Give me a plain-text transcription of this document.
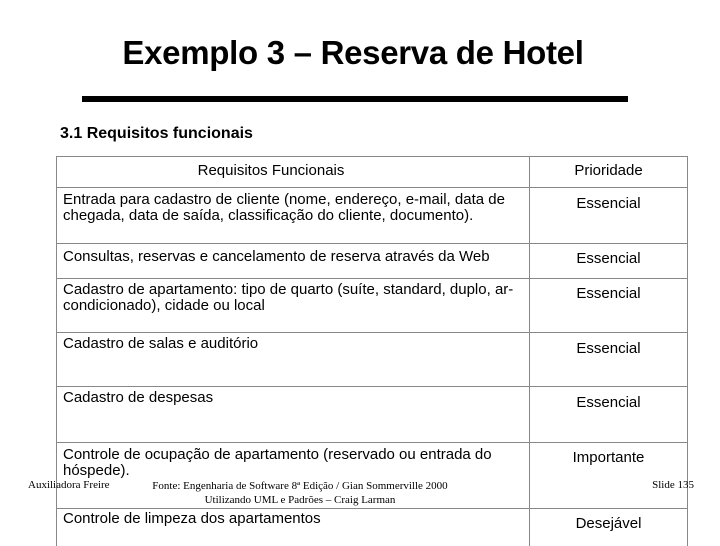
Exemplo 3 – Reserva de Hotel
3.1 Requisitos funcionais
Requisitos Funcionais	Prioridade
Entrada para cadastro de cliente (nome, endereço, e-mail, data de chegada, data de saída, classificação do cliente, documento).	Essencial
Consultas, reservas e cancelamento de reserva através da Web	Essencial
Cadastro de apartamento: tipo de quarto (suíte, standard, duplo, ar-condicionado), cidade ou local	Essencial
Cadastro de salas e auditório	Essencial
Cadastro de despesas	Essencial
Controle de ocupação de apartamento (reservado ou entrada do hóspede).	Importante
Controle de limpeza dos apartamentos	Desejável
Auxiliadora Freire	Fonte: Engenharia de Software 8ª Edição / Gian Sommerville 2000
Utilizando UML e Padrões – Craig Larman
Slide 135
